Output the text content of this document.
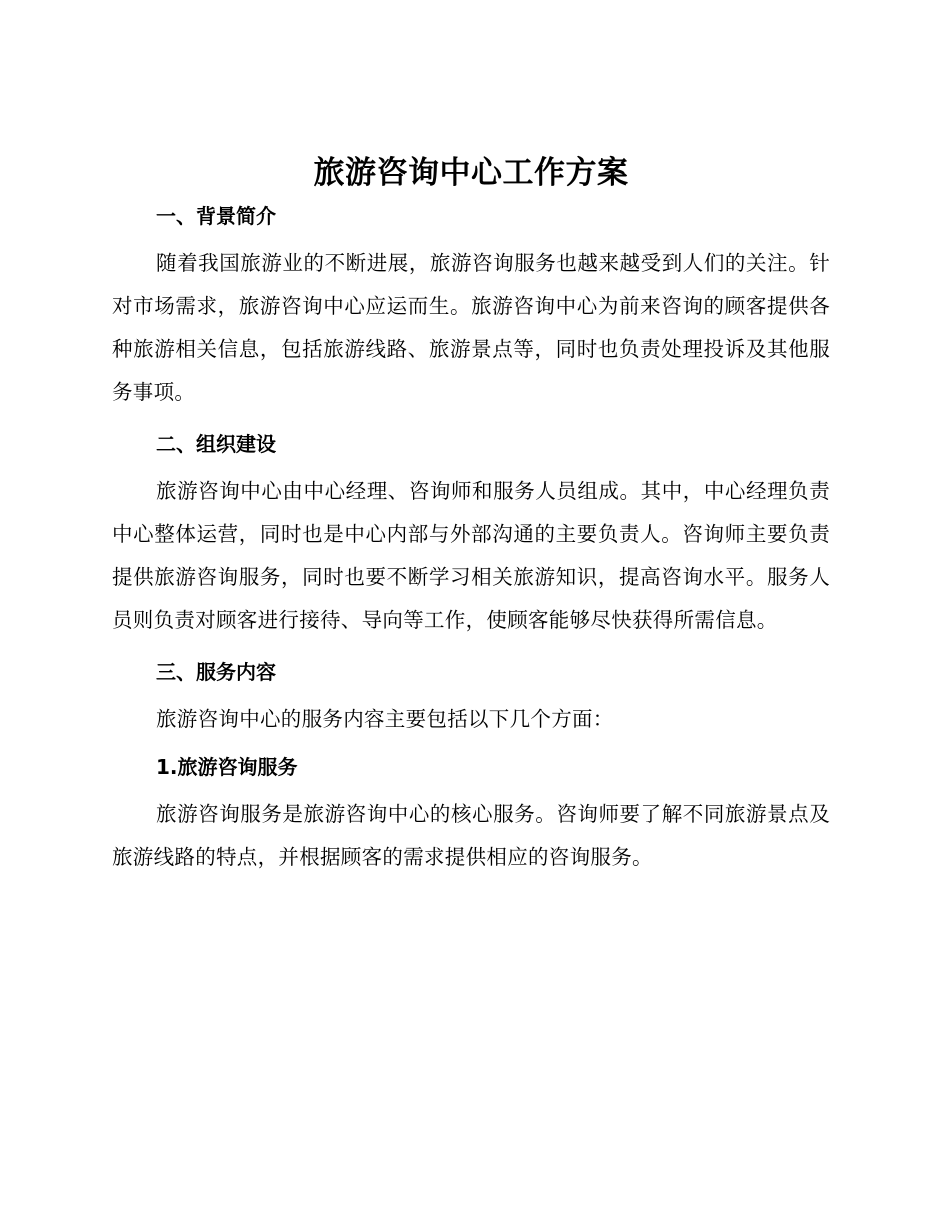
旅游咨询中心工作方案
一、背景简介

随着我国旅游业的不断进展，旅游咨询服务也越来越受到人们的关注。针对市场需求，旅游咨询中心应运而生。旅游咨询中心为前来咨询的顾客提供各种旅游相关信息，包括旅游线路、旅游景点等，同时也负责处理投诉及其他服务事项。

二、组织建设

旅游咨询中心由中心经理、咨询师和服务人员组成。其中，中心经理负责中心整体运营，同时也是中心内部与外部沟通的主要负责人。咨询师主要负责提供旅游咨询服务，同时也要不断学习相关旅游知识，提高咨询水平。服务人员则负责对顾客进行接待、导向等工作，使顾客能够尽快获得所需信息。

三、服务内容

旅游咨询中心的服务内容主要包括以下几个方面：

1.旅游咨询服务

旅游咨询服务是旅游咨询中心的核心服务。咨询师要了解不同旅游景点及旅游线路的特点，并根据顾客的需求提供相应的咨询服务。
